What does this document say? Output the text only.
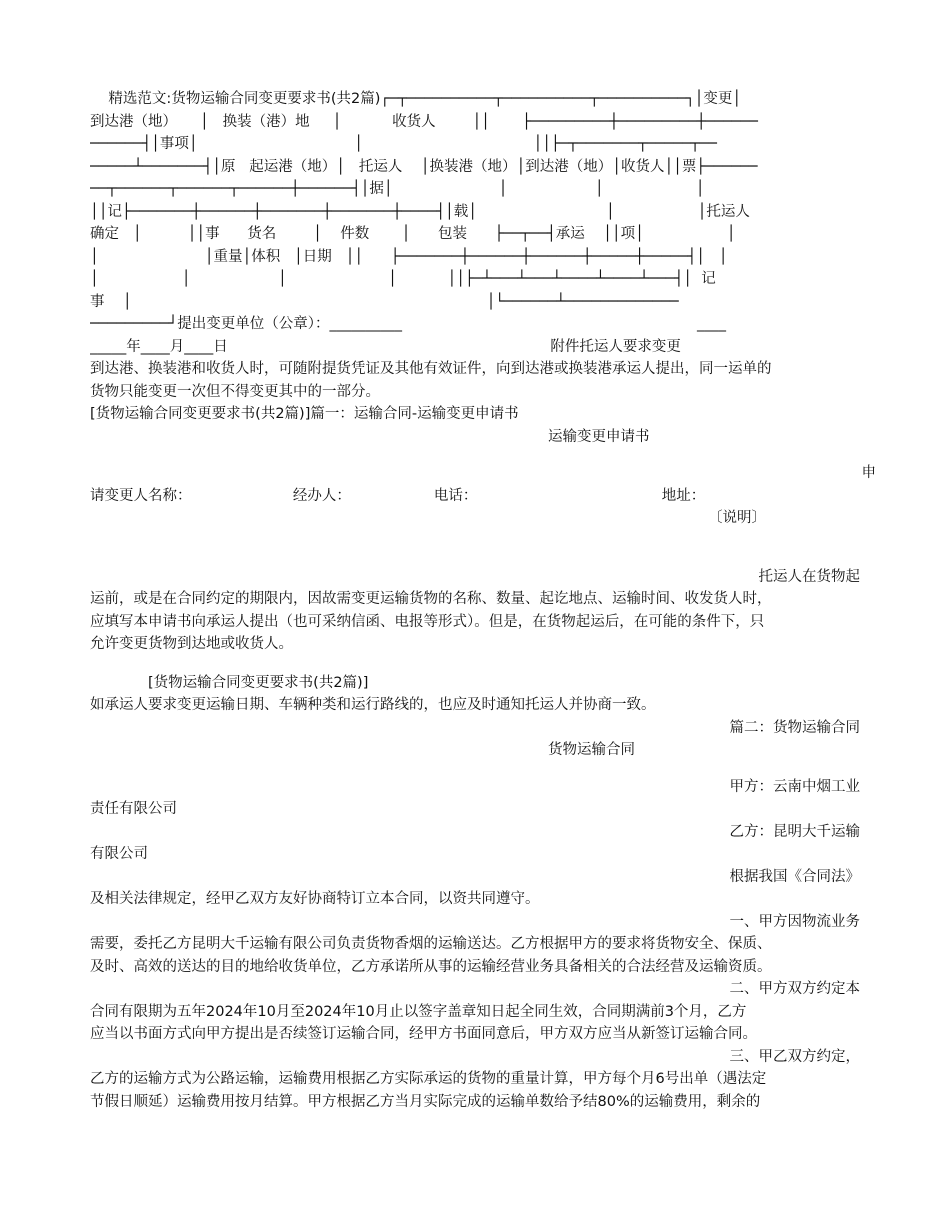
精选范文:货物运输合同变更要求书(共2篇)┌─┬──────────┬──────────┬──────────┐│变更│
到达港（地）     │   换装（港）地     │           收货人        ││       ├─────────┼─────────┼──────
──────┤│事项│                                  │                                     ││├─┬───────┬─────┬──
─────┴───────┤│原   起运港（地）│   托运人    │换装港（地）│到达港（地）│收货人││票├──────
──┬──────┬──────┬──────┼──────┤│据│                       │                   │                    │
││记├───────┼──────┼───────┼───────┼────┤│载│                            │                  │托运人
确定   │          ││事      货名        │    件数       │      包装      ├──┬──┤承运    ││项│                  │
│                       │重量│体积   │日期   ││      ├───────┼──────┼──────┼─────┼─────┤│   │
│                  │                   │                      │           ││├─┴───┴───┴────┴────┴───┤│  记
事    │                                                                             │└──────┴─────────────
─────────┘提出变更单位（公章）：__________                                                                ____
_____年____月____日                                                                      附件托运人要求变更
到达港、换装港和收货人时，可随附提货凭证及其他有效证件，向到达港或换装港承运人提出，同一运单的
货物只能变更一次但不得变更其中的一部分。
[货物运输合同变更要求书(共2篇)]篇一：运输合同-运输变更申请书
运输变更申请书
申
请变更人名称：                      经办人：                  电话：                                        地址：
〔说明〕
托运人在货物起
运前，或是在合同约定的期限内，因故需变更运输货物的名称、数量、起讫地点、运输时间、收发货人时，
应填写本申请书向承运人提出（也可采纳信函、电报等形式）。但是，在货物起运后，在可能的条件下，只
允许变更货物到达地或收货人。
[货物运输合同变更要求书(共2篇)]
如承运人要求变更运输日期、车辆种类和运行路线的，也应及时通知托运人并协商一致。
篇二：货物运输合同
货物运输合同
甲方：云南中烟工业
责任有限公司
乙方：昆明大千运输
有限公司
根据我国《合同法》
及相关法律规定，经甲乙双方友好协商特订立本合同，以资共同遵守。
一、甲方因物流业务
需要，委托乙方昆明大千运输有限公司负责货物香烟的运输送达。乙方根据甲方的要求将货物安全、保质、
及时、高效的送达的目的地给收货单位，乙方承诺所从事的运输经营业务具备相关的合法经营及运输资质。
二、甲方双方约定本
合同有限期为五年2024年10月至2024年10月止以签字盖章知日起全同生效，合同期满前3个月，乙方
应当以书面方式向甲方提出是否续签订运输合同，经甲方书面同意后，甲方双方应当从新签订运输合同。
三、甲乙双方约定，
乙方的运输方式为公路运输，运输费用根据乙方实际承运的货物的重量计算，甲方每个月6号出单（遇法定
节假日顺延）运输费用按月结算。甲方根据乙方当月实际完成的运输单数给予结80%的运输费用，剩余的
